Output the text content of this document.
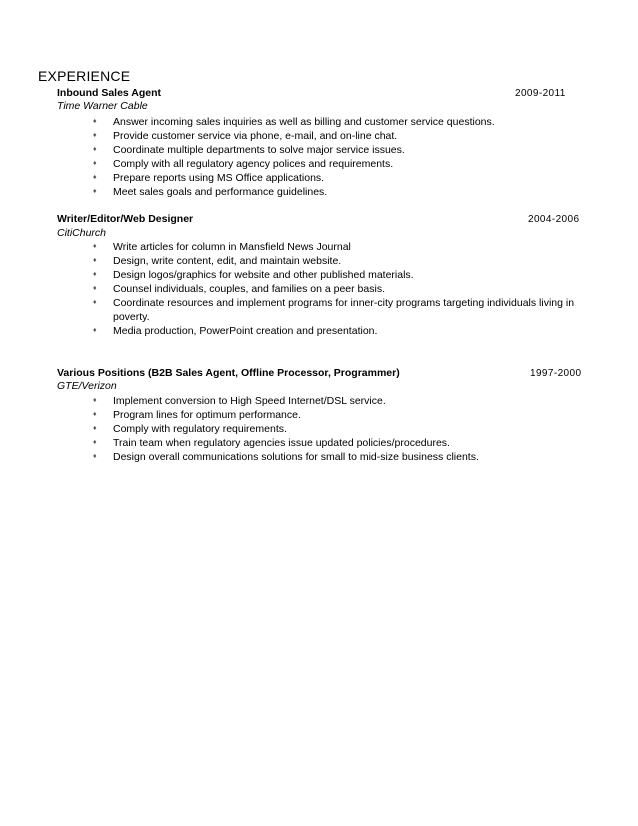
EXPERIENCE
Inbound Sales Agent	2009-2011
Time Warner Cable
♦ Answer incoming sales inquiries as well as billing and customer service questions.
♦ Provide customer service via phone, e-mail, and on-line chat.
♦ Coordinate multiple departments to solve major service issues.
♦ Comply with all regulatory agency polices and requirements.
♦ Prepare reports using MS Office applications.
♦ Meet sales goals and performance guidelines.
Writer/Editor/Web Designer	2004-2006
CitiChurch
♦ Write articles for column in Mansfield News Journal
♦ Design, write content, edit, and maintain website.
♦ Design logos/graphics for website and other published materials.
♦ Counsel individuals, couples, and families on a peer basis.
♦ Coordinate resources and implement programs for inner-city programs targeting individuals living in poverty.
♦ Media production, PowerPoint creation and presentation.
Various Positions (B2B Sales Agent, Offline Processor, Programmer)	1997-2000
GTE/Verizon
♦ Implement conversion to High Speed Internet/DSL service.
♦ Program lines for optimum performance.
♦ Comply with regulatory requirements.
♦ Train team when regulatory agencies issue updated policies/procedures.
♦ Design overall communications solutions for small to mid-size business clients.
